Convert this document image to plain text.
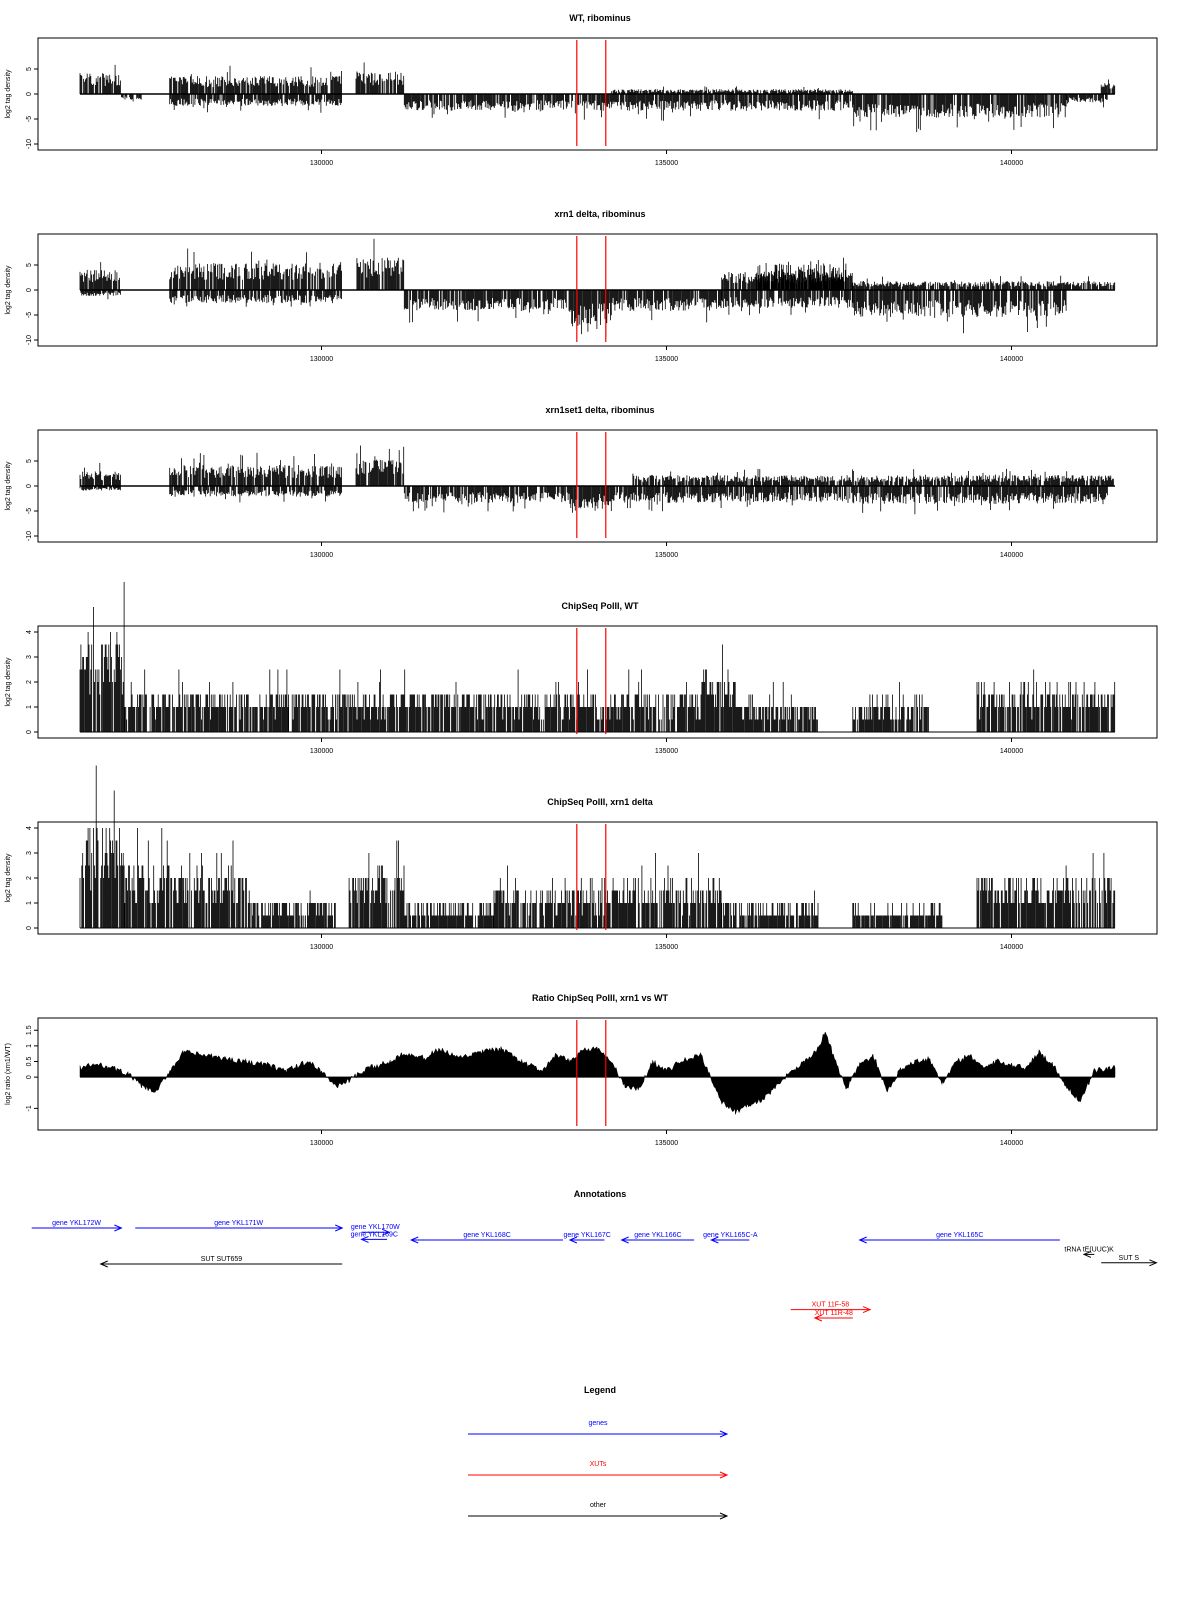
WT, ribominus
xrn1 delta, ribominus
xrn1set1 delta, ribominus
ChipSeq PolII, WT
ChipSeq PolII, xrn1 delta
Ratio ChipSeq PolII, xrn1 vs WT
Annotations
Legend
-10
-5
0
5
log2 tag density
130000	135000	140000
-10
-5
0
5
log2 tag density
130000	135000	140000
-10
-5
0
5
log2 tag density
130000	135000	140000
0
1
2
3
4
log2 tag density
130000	135000	140000
0
1
2
3
4
log2 tag density
130000	135000	140000
-1
0
0.5
1
1.5
log2 ratio (xrn1/WT)
130000	135000	140000
gene YKL172W	gene YKL171W
gene YKL170W
gene YKL169C	gene YKL168C	gene YKL167C	gene YKL166C	gene YKL165C-A	gene YKL165C
tRNA tE(UUC)K
SUT SUT659	SUT S
XUT 11F-58
XUT 11R-48
genes
XUTs
other
